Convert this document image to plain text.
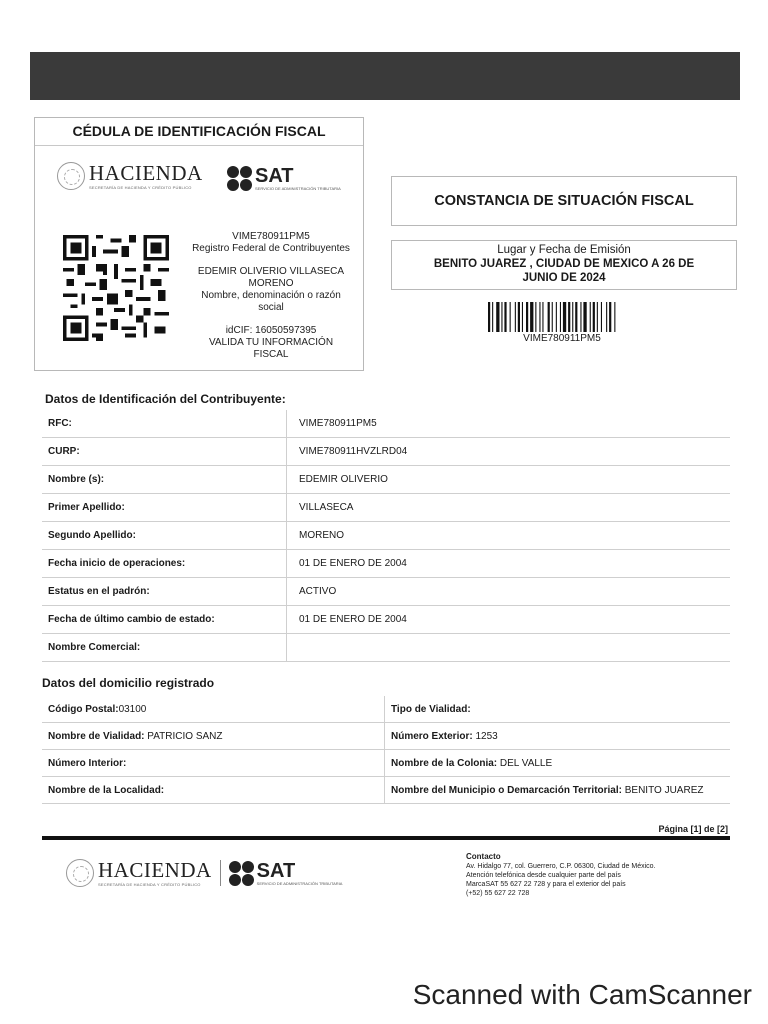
CÉDULA DE IDENTIFICACIÓN FISCAL
HACIENDA
SECRETARÍA DE HACIENDA Y CRÉDITO PÚBLICO	SAT
SERVICIO DE ADMINISTRACIÓN TRIBUTARIA
VIME780911PM5
Registro Federal de Contribuyentes
EDEMIR OLIVERIO VILLASECA
MORENO
Nombre, denominación o razón
social
idCIF: 16050597395
VALIDA TU INFORMACIÓN
FISCAL
CONSTANCIA DE SITUACIÓN FISCAL
Lugar y Fecha de Emisión
BENITO JUAREZ , CIUDAD DE MEXICO A 26 DE
JUNIO DE 2024
VIME780911PM5
Datos de Identificación del Contribuyente:
RFC:	VIME780911PM5
CURP:	VIME780911HVZLRD04
Nombre (s):	EDEMIR OLIVERIO
Primer Apellido:	VILLASECA
Segundo Apellido:	MORENO
Fecha inicio de operaciones:	01 DE ENERO DE 2004
Estatus en el padrón:	ACTIVO
Fecha de último cambio de estado:	01 DE ENERO DE 2004
Nombre Comercial:	
Datos del domicilio registrado
Código Postal:03100	Tipo de Vialidad:
Nombre de Vialidad: PATRICIO SANZ	Número Exterior: 1253
Número Interior:	Nombre de la Colonia: DEL VALLE
Nombre de la Localidad:	Nombre del Municipio o Demarcación Territorial: BENITO JUAREZ
Página [1] de [2]
HACIENDA
SECRETARÍA DE HACIENDA Y CRÉDITO PÚBLICO
SAT
SERVICIO DE ADMINISTRACIÓN TRIBUTARIA
Contacto
Av. Hidalgo 77, col. Guerrero, C.P. 06300, Ciudad de México.
Atención telefónica desde cualquier parte del país
MarcaSAT 55 627 22 728 y para el exterior del país
(+52) 55 627 22 728
Scanned with CamScanner
